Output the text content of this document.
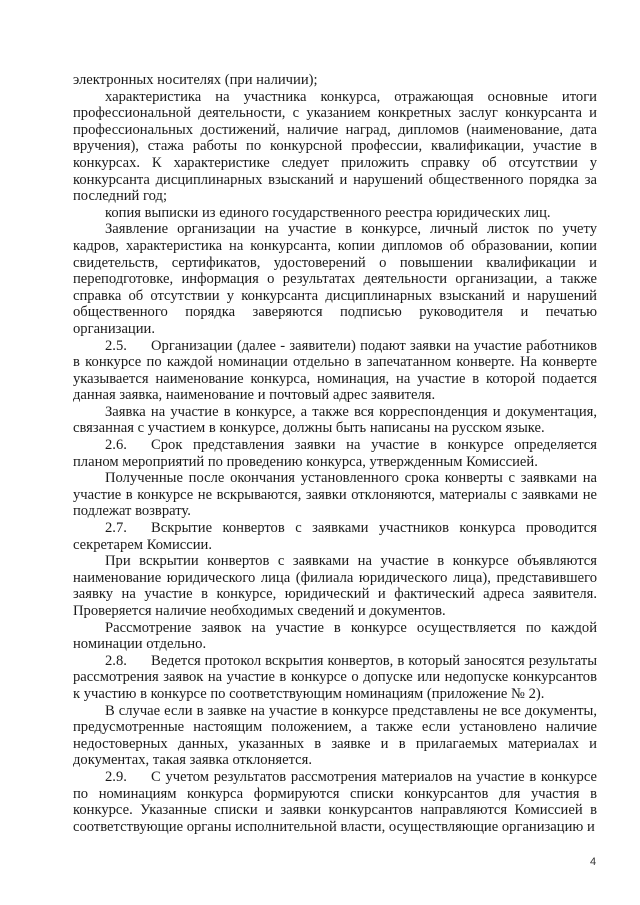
электронных носителях (при наличии);

характеристика на участника конкурса, отражающая основные итоги профессиональной деятельности, с указанием конкретных заслуг конкурсанта и профессиональных достижений, наличие наград, дипломов (наименование, дата вручения), стажа работы по конкурсной профессии, квалификации, участие в конкурсах. К характеристике следует приложить справку об отсутствии у конкурсанта дисциплинарных взысканий и нарушений общественного порядка за последний год;

копия выписки из единого государственного реестра юридических лиц.

Заявление организации на участие в конкурсе, личный листок по учету кадров, характеристика на конкурсанта, копии дипломов об образовании, копии свидетельств, сертификатов, удостоверений о повышении квалификации и переподготовке, информация о результатах деятельности организации, а также справка об отсутствии у конкурсанта дисциплинарных взысканий и нарушений общественного порядка заверяются подписью руководителя и печатью организации.

2.5. Организации (далее - заявители) подают заявки на участие работников в конкурсе по каждой номинации отдельно в запечатанном конверте. На конверте указывается наименование конкурса, номинация, на участие в которой подается данная заявка, наименование и почтовый адрес заявителя.

Заявка на участие в конкурсе, а также вся корреспонденция и документация, связанная с участием в конкурсе, должны быть написаны на русском языке.

2.6. Срок представления заявки на участие в конкурсе определяется планом мероприятий по проведению конкурса, утвержденным Комиссией.

Полученные после окончания установленного срока конверты с заявками на участие в конкурсе не вскрываются, заявки отклоняются, материалы с заявками не подлежат возврату.

2.7. Вскрытие конвертов с заявками участников конкурса проводится секретарем Комиссии.

При вскрытии конвертов с заявками на участие в конкурсе объявляются наименование юридического лица (филиала юридического лица), представившего заявку на участие в конкурсе, юридический и фактический адреса заявителя. Проверяется наличие необходимых сведений и документов.

Рассмотрение заявок на участие в конкурсе осуществляется по каждой номинации отдельно.

2.8. Ведется протокол вскрытия конвертов, в который заносятся результаты рассмотрения заявок на участие в конкурсе о допуске или недопуске конкурсантов к участию в конкурсе по соответствующим номинациям (приложение № 2).

В случае если в заявке на участие в конкурсе представлены не все документы, предусмотренные настоящим положением, а также если установлено наличие недостоверных данных, указанных в заявке и в прилагаемых материалах и документах, такая заявка отклоняется.

2.9. С учетом результатов рассмотрения материалов на участие в конкурсе по номинациям конкурса формируются списки конкурсантов для участия в конкурсе. Указанные списки и заявки конкурсантов направляются Комиссией в соответствующие органы исполнительной власти, осуществляющие организацию и

4
